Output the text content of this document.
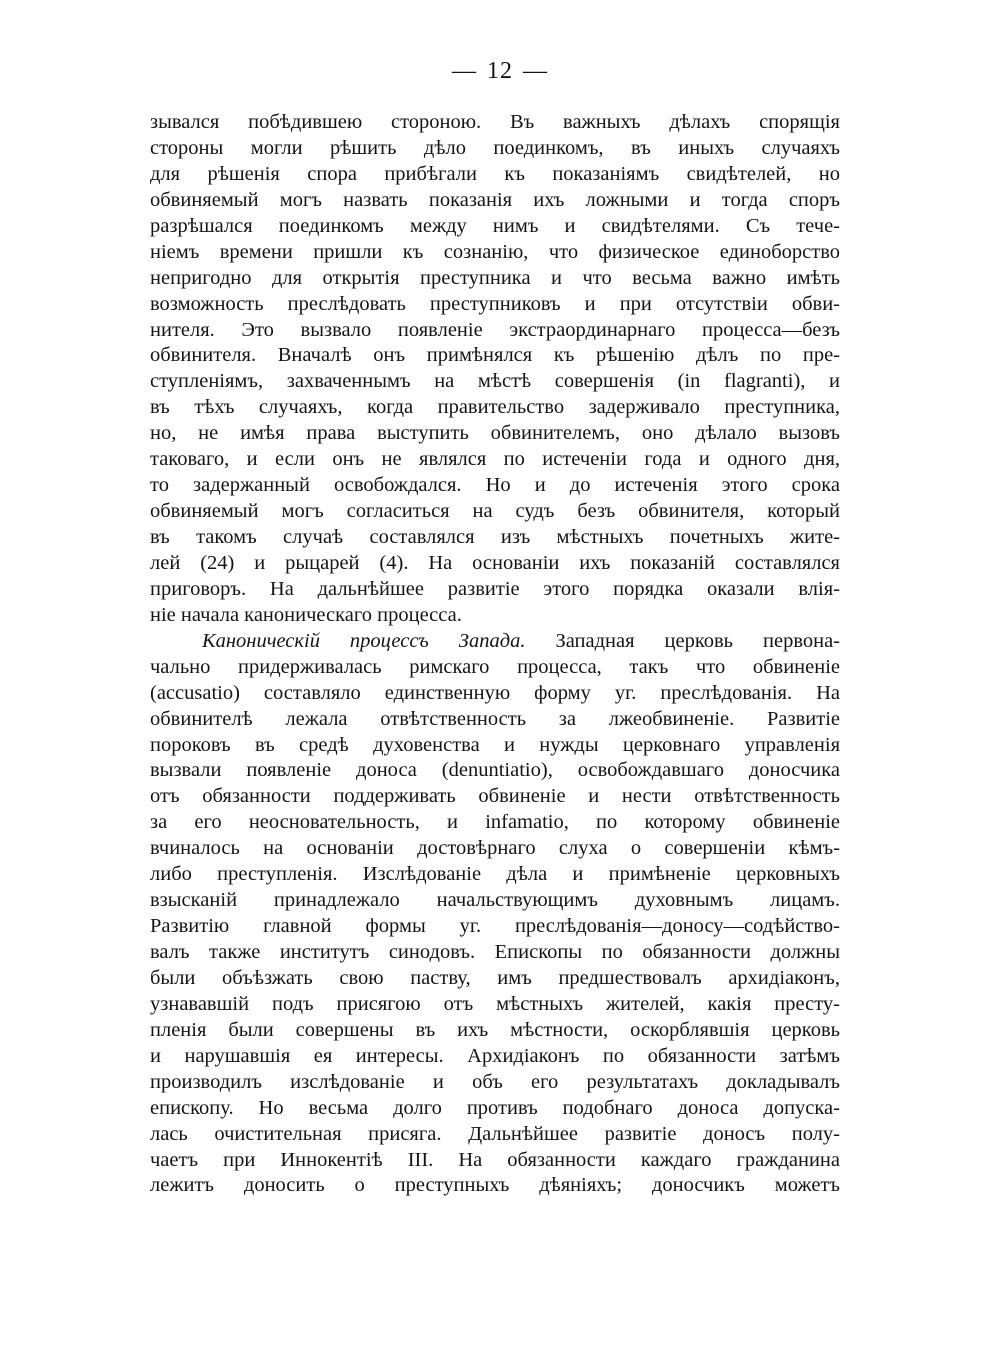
— 12 —
зывался побѣдившею стороною. Въ важныхъ дѣлахъ спорящія
стороны могли рѣшить дѣло поединкомъ, въ иныхъ случаяхъ
для рѣшенія спора прибѣгали къ показаніямъ свидѣтелей, но
обвиняемый могъ назвать показанія ихъ ложными и тогда споръ
разрѣшался поединкомъ между нимъ и свидѣтелями. Съ тече-
ніемъ времени пришли къ сознанію, что физическое единоборство
непригодно для открытія преступника и что весьма важно имѣть
возможность преслѣдовать преступниковъ и при отсутствіи обви-
нителя. Это вызвало появленіе экстраординарнаго процесса—безъ
обвинителя. Вначалѣ онъ примѣнялся къ рѣшенію дѣлъ по пре-
ступленіямъ, захваченнымъ на мѣстѣ совершенія (in flagranti), и
въ тѣхъ случаяхъ, когда правительство задерживало преступника,
но, не имѣя права выступить обвинителемъ, оно дѣлало вызовъ
таковаго, и если онъ не являлся по истеченіи года и одного дня,
то задержанный освобождался. Но и до истеченія этого срока
обвиняемый могъ согласиться на судъ безъ обвинителя, который
въ такомъ случаѣ составлялся изъ мѣстныхъ почетныхъ жите-
лей (24) и рыцарей (4). На основаніи ихъ показаній составлялся
приговоръ. На дальнѣйшее развитіе этого порядка оказали влія-
ніе начала каноническаго процесса.
Каноническій процессъ Запада. Западная церковь первона-
чально придерживалась римскаго процесса, такъ что обвиненіе
(accusatio) составляло единственную форму уг. преслѣдованія. На
обвинителѣ лежала отвѣтственность за лжеобвиненіе. Развитіе
пороковъ въ средѣ духовенства и нужды церковнаго управленія
вызвали появленіе доноса (denuntiatio), освобождавшаго доносчика
отъ обязанности поддерживать обвиненіе и нести отвѣтственность
за его неосновательность, и infamatio, по которому обвиненіе
вчиналось на основаніи достовѣрнаго слуха о совершеніи кѣмъ-
либо преступленія. Изслѣдованіе дѣла и примѣненіе церковныхъ
взысканій принадлежало начальствующимъ духовнымъ лицамъ.
Развитію главной формы уг. преслѣдованія—доносу—содѣйство-
валъ также институтъ синодовъ. Епископы по обязанности должны
были объѣзжать свою паству, имъ предшествовалъ архидіаконъ,
узнававшій подъ присягою отъ мѣстныхъ жителей, какія престу-
пленія были совершены въ ихъ мѣстности, оскорблявшія церковь
и нарушавшія ея интересы. Архидіаконъ по обязанности затѣмъ
производилъ изслѣдованіе и объ его результатахъ докладывалъ
епископу. Но весьма долго противъ подобнаго доноса допуска-
лась очистительная присяга. Дальнѣйшее развитіе доносъ полу-
чаетъ при Иннокентіѣ III. На обязанности каждаго гражданина
лежитъ доносить о преступныхъ дѣяніяхъ; доносчикъ можетъ
